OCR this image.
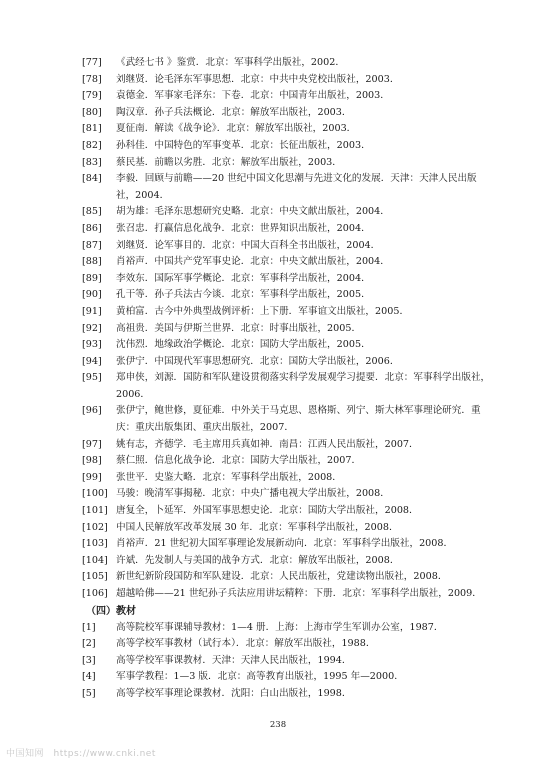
[77]	《武经七书 》鉴赏．北京：军事科学出版社，2002．
[78]	刘继贤．论毛泽东军事思想．北京：中共中央党校出版社，2003．
[79]	袁德金．军事家毛泽东：下卷．北京：中国青年出版社，2003．
[80]	陶汉章．孙子兵法概论．北京：解放军出版社，2003．
[81]	夏征南．解读《战争论》．北京：解放军出版社，2003．
[82]	孙科佳．中国特色的军事变革．北京：长征出版社，2003．
[83]	蔡民基．前瞻以劣胜．北京：解放军出版社，2003．
[84]	李毅．回顾与前瞻——20 世纪中国文化思潮与先进文化的发展．天津：天津人民出版社，2004．
[85]	胡为雄：毛泽东思想研究史略．北京：中央文献出版社，2004．
[86]	张召忠．打赢信息化战争．北京：世界知识出版社，2004．
[87]	刘继贤．论军事目的．北京：中国大百科全书出版社，2004．
[88]	肖裕声．中国共产党军事史论．北京：中央文献出版社，2004．
[89]	李效东．国际军事学概论．北京：军事科学出版社，2004．
[90]	孔干等．孙子兵法古今谈．北京：军事科学出版社，2005．
[91]	黄柏富．古今中外典型战例评析：上下册．军事谊文出版社，2005．
[92]	高祖贵．美国与伊斯兰世界．北京：时事出版社，2005．
[93]	沈伟烈．地缘政治学概论．北京：国防大学出版社，2005．
[94]	张伊宁．中国现代军事思想研究．北京：国防大学出版社，2006．
[95]	郑申侠，刘源．国防和军队建设贯彻落实科学发展观学习提要．北京：军事科学出版社，2006．
[96]	张伊宁，鲍世修，夏征难．中外关于马克思、恩格斯、列宁、斯大林军事理论研究．重庆：重庆出版集团、重庆出版社，2007．
[97]	姚有志，齐德学．毛主席用兵真如神．南昌：江西人民出版社，2007．
[98]	蔡仁照．信息化战争论．北京：国防大学出版社，2007．
[99]	张世平．史鉴大略．北京：军事科学出版社，2008．
[100] 马骏：晚清军事揭秘．北京：中央广播电视大学出版社，2008．
[101] 唐复全，卜延军．外国军事思想史论．北京：国防大学出版社，2008．
[102] 中国人民解放军改革发展 30 年．北京：军事科学出版社，2008．
[103] 肖裕声．21 世纪初大国军事理论发展新动向．北京：军事科学出版社，2008．
[104] 许斌．先发制人与美国的战争方式．北京：解放军出版社，2008．
[105] 新世纪新阶段国防和军队建设．北京：人民出版社，党建读物出版社，2008．
[106] 超越哈佛——21 世纪孙子兵法应用讲坛精粹：下册．北京：军事科学出版社，2009．
（四）教材
[1]	高等院校军事课辅导教材：1—4 册．上海：上海市学生军训办公室，1987．
[2]	高等学校军事教材（试行本）．北京：解放军出版社，1988．
[3]	高等学校军事课教材．天津：天津人民出版社，1994．
[4]	军事学教程：1—3 版．北京：高等教育出版社，1995 年—2000．
[5]	高等学校军事理论课教材．沈阳：白山出版社，1998．
238
中国知网　https://www.cnki.net
